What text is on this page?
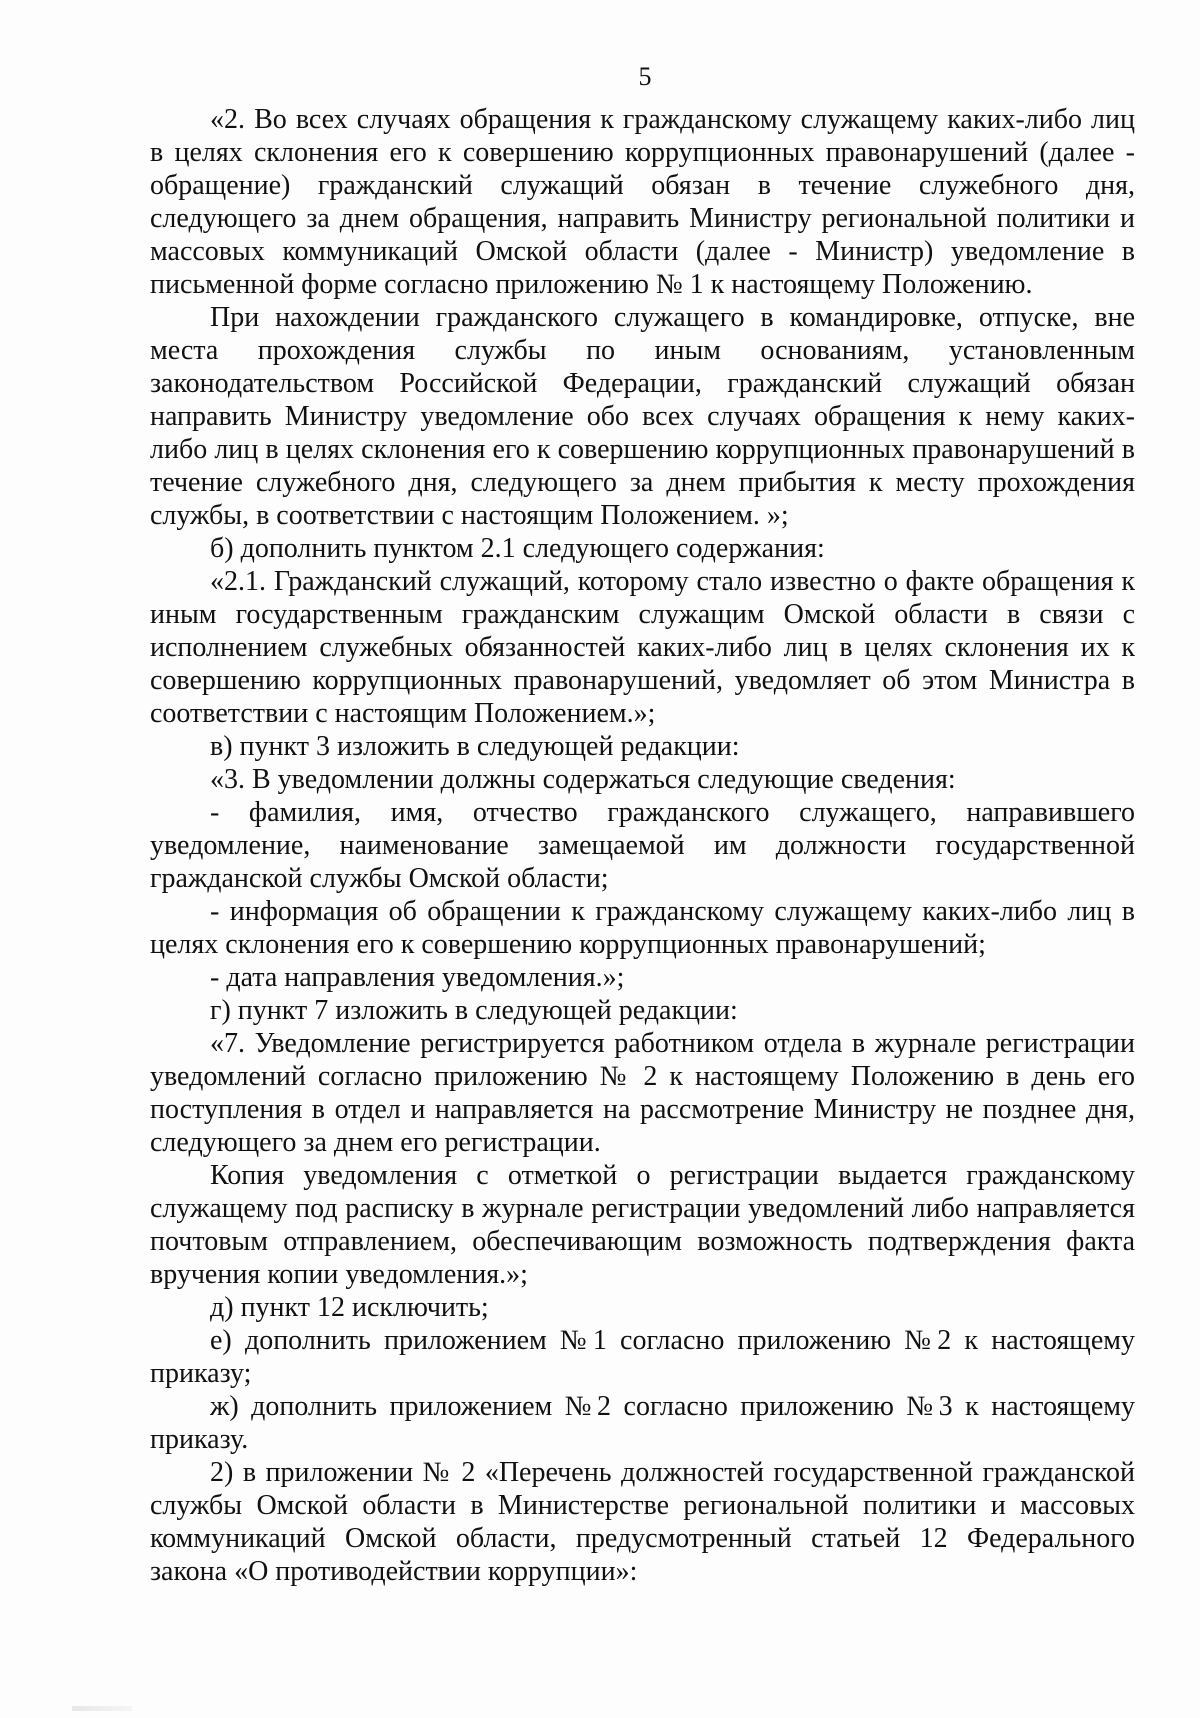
5

«2. Во всех случаях обращения к гражданскому служащему каких-либо лиц в целях склонения его к совершению коррупционных правонарушений (далее - обращение) гражданский служащий обязан в течение служебного дня, следующего за днем обращения, направить Министру региональной политики и массовых коммуникаций Омской области (далее - Министр) уведомление в письменной форме согласно приложению № 1 к настоящему Положению.

При нахождении гражданского служащего в командировке, отпуске, вне места прохождения службы по иным основаниям, установленным законодательством Российской Федерации, гражданский служащий обязан направить Министру уведомление обо всех случаях обращения к нему каких-либо лиц в целях склонения его к совершению коррупционных правонарушений в течение служебного дня, следующего за днем прибытия к месту прохождения службы, в соответствии с настоящим Положением. »;

б) дополнить пунктом 2.1 следующего содержания:

«2.1. Гражданский служащий, которому стало известно о факте обращения к иным государственным гражданским служащим Омской области в связи с исполнением служебных обязанностей каких-либо лиц в целях склонения их к совершению коррупционных правонарушений, уведомляет об этом Министра в соответствии с настоящим Положением.»;

в) пункт 3 изложить в следующей редакции:

«3. В уведомлении должны содержаться следующие сведения:

- фамилия, имя, отчество гражданского служащего, направившего уведомление, наименование замещаемой им должности государственной гражданской службы Омской области;

- информация об обращении к гражданскому служащему каких-либо лиц в целях склонения его к совершению коррупционных правонарушений;

- дата направления уведомления.»;

г) пункт 7 изложить в следующей редакции:

«7. Уведомление регистрируется работником отдела в журнале регистрации уведомлений согласно приложению № 2 к настоящему Положению в день его поступления в отдел и направляется на рассмотрение Министру не позднее дня, следующего за днем его регистрации.

Копия уведомления с отметкой о регистрации выдается гражданскому служащему под расписку в журнале регистрации уведомлений либо направляется почтовым отправлением, обеспечивающим возможность подтверждения факта вручения копии уведомления.»;

д) пункт 12 исключить;

е) дополнить приложением №1 согласно приложению №2 к настоящему приказу;

ж) дополнить приложением №2 согласно приложению №3 к настоящему приказу.

2) в приложении № 2 «Перечень должностей государственной гражданской службы Омской области в Министерстве региональной политики и массовых коммуникаций Омской области, предусмотренный статьей 12 Федерального закона «О противодействии коррупции»:
